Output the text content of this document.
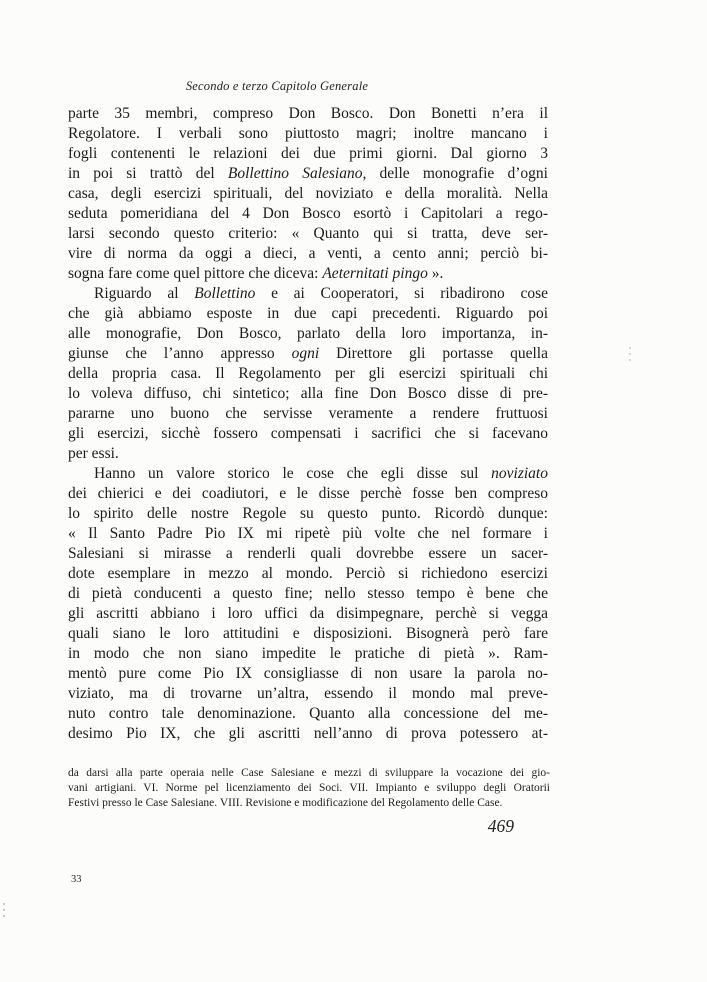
Secondo e terzo Capitolo Generale
parte 35 membri, compreso Don Bosco. Don Bonetti n’era il
Regolatore. I verbali sono piuttosto magri; inoltre mancano i
fogli contenenti le relazioni dei due primi giorni. Dal giorno 3
in poi si trattò del Bollettino Salesiano, delle monografie d’ogni
casa, degli esercizi spirituali, del noviziato e della moralità. Nella
seduta pomeridiana del 4 Don Bosco esortò i Capitolari a rego-
larsi secondo questo criterio: « Quanto qui si tratta, deve ser-
vire di norma da oggi a dieci, a venti, a cento anni; perciò bi-
sogna fare come quel pittore che diceva: Aeternitati pingo ».
Riguardo al Bollettino e ai Cooperatori, si ribadirono cose
che già abbiamo esposte in due capi precedenti. Riguardo poi
alle monografie, Don Bosco, parlato della loro importanza, in-
giunse che l’anno appresso ogni Direttore gli portasse quella
della propria casa. Il Regolamento per gli esercizi spirituali chi
lo voleva diffuso, chi sintetico; alla fine Don Bosco disse di pre-
pararne uno buono che servisse veramente a rendere fruttuosi
gli esercizi, sicchè fossero compensati i sacrifici che si facevano
per essi.
Hanno un valore storico le cose che egli disse sul noviziato
dei chierici e dei coadiutori, e le disse perchè fosse ben compreso
lo spirito delle nostre Regole su questo punto. Ricordò dunque:
« Il Santo Padre Pio IX mi ripetè più volte che nel formare i
Salesiani si mirasse a renderli quali dovrebbe essere un sacer-
dote esemplare in mezzo al mondo. Perciò si richiedono esercizi
di pietà conducenti a questo fine; nello stesso tempo è bene che
gli ascritti abbiano i loro uffici da disimpegnare, perchè si vegga
quali siano le loro attitudini e disposizioni. Bisognerà però fare
in modo che non siano impedite le pratiche di pietà ». Ram-
mentò pure come Pio IX consigliasse di non usare la parola no-
viziato, ma di trovarne un’altra, essendo il mondo mal preve-
nuto contro tale denominazione. Quanto alla concessione del me-
desimo Pio IX, che gli ascritti nell’anno di prova potessero at-
da darsi alla parte operaia nelle Case Salesiane e mezzi di sviluppare la vocazione dei gio-
vani artigiani. VI. Norme pel licenziamento dei Soci. VII. Impianto e sviluppo degli Oratorii
Festivi presso le Case Salesiane. VIII. Revisione e modificazione del Regolamento delle Case.
469
33
